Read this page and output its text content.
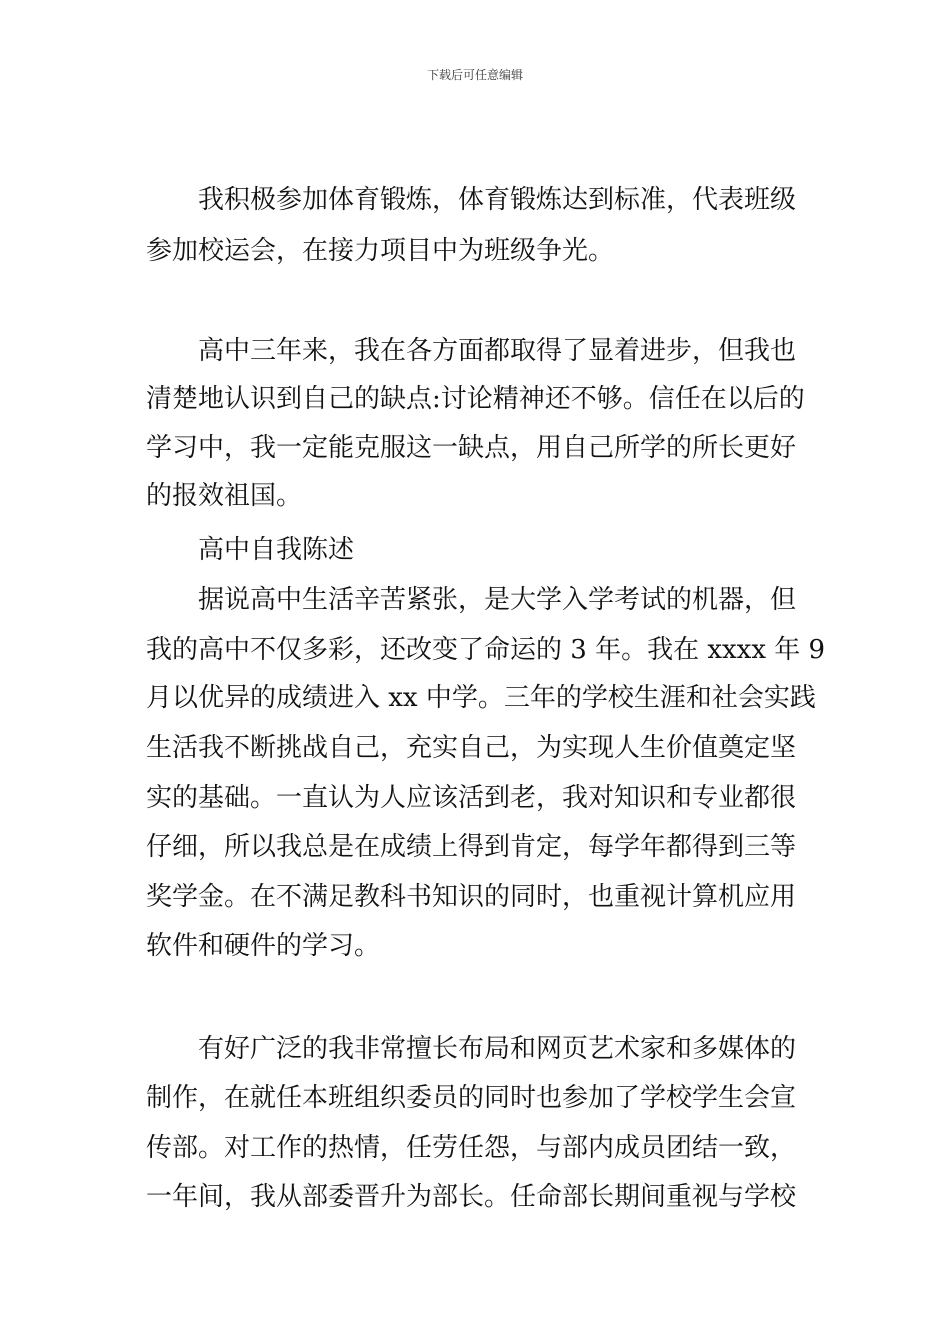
下载后可任意编辑
　　我积极参加体育锻炼，体育锻炼达到标准，代表班级
参加校运会，在接力项目中为班级争光。
　　高中三年来，我在各方面都取得了显着进步，但我也
清楚地认识到自己的缺点:讨论精神还不够。信任在以后的
学习中，我一定能克服这一缺点，用自己所学的所长更好
的报效祖国。
　　高中自我陈述
　　据说高中生活辛苦紧张，是大学入学考试的机器，但
我的高中不仅多彩，还改变了命运的 3 年。我在 xxxx 年 9
月以优异的成绩进入 xx 中学。三年的学校生涯和社会实践
生活我不断挑战自己，充实自己，为实现人生价值奠定坚
实的基础。一直认为人应该活到老，我对知识和专业都很
仔细，所以我总是在成绩上得到肯定，每学年都得到三等
奖学金。在不满足教科书知识的同时，也重视计算机应用
软件和硬件的学习。
　　有好广泛的我非常擅长布局和网页艺术家和多媒体的
制作，在就任本班组织委员的同时也参加了学校学生会宣
传部。对工作的热情，任劳任怨，与部内成员团结一致，
一年间，我从部委晋升为部长。任命部长期间重视与学校
